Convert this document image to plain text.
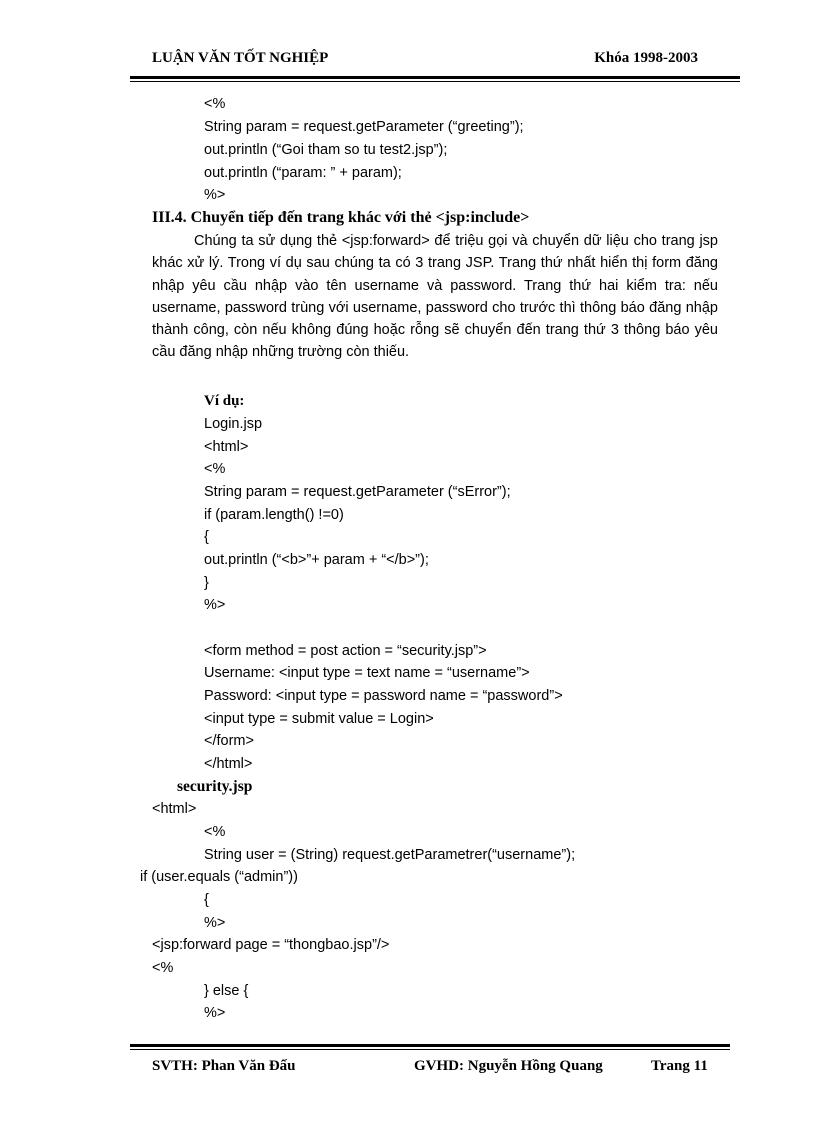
LUẬN VĂN TỐT NGHIỆP	Khóa 1998-2003
<%
String param = request.getParameter (“greeting”);
out.println (“Goi tham so tu test2.jsp”);
out.println (“param: ” + param);
%>
III.4. Chuyển tiếp đến trang khác với thẻ <jsp:include>
Chúng ta sử dụng thẻ <jsp:forward> để triệu gọi và chuyển dữ liệu cho trang jsp khác xử lý. Trong ví dụ sau chúng ta có 3 trang JSP. Trang thứ nhất hiển thị form đăng nhập yêu cầu nhập vào tên username và password. Trang thứ hai kiểm tra: nếu username, password trùng với username, password cho trước thì thông báo đăng nhập thành công, còn nếu không đúng hoặc rỗng sẽ chuyển đến trang thứ 3 thông báo yêu cầu đăng nhập những trường còn thiếu.
Ví dụ:
Login.jsp
<html>
<%
String param = request.getParameter (“sError”);
if (param.length() !=0)
{
out.println (“<b>”+ param + “</b>”);
}
%>
<form method = post action = “security.jsp”>
Username: <input type = text name = “username”>
Password: <input type = password name = “password”>
<input type = submit value = Login>
</form>
</html>
security.jsp
<html>
<%
String user = (String) request.getParametrer(“username”);
if (user.equals (“admin”))
{
%>
<jsp:forward page = “thongbao.jsp”/>
<%
} else {
%>
SVTH: Phan Văn Đấu	GVHD: Nguyễn Hồng Quang	Trang 11
